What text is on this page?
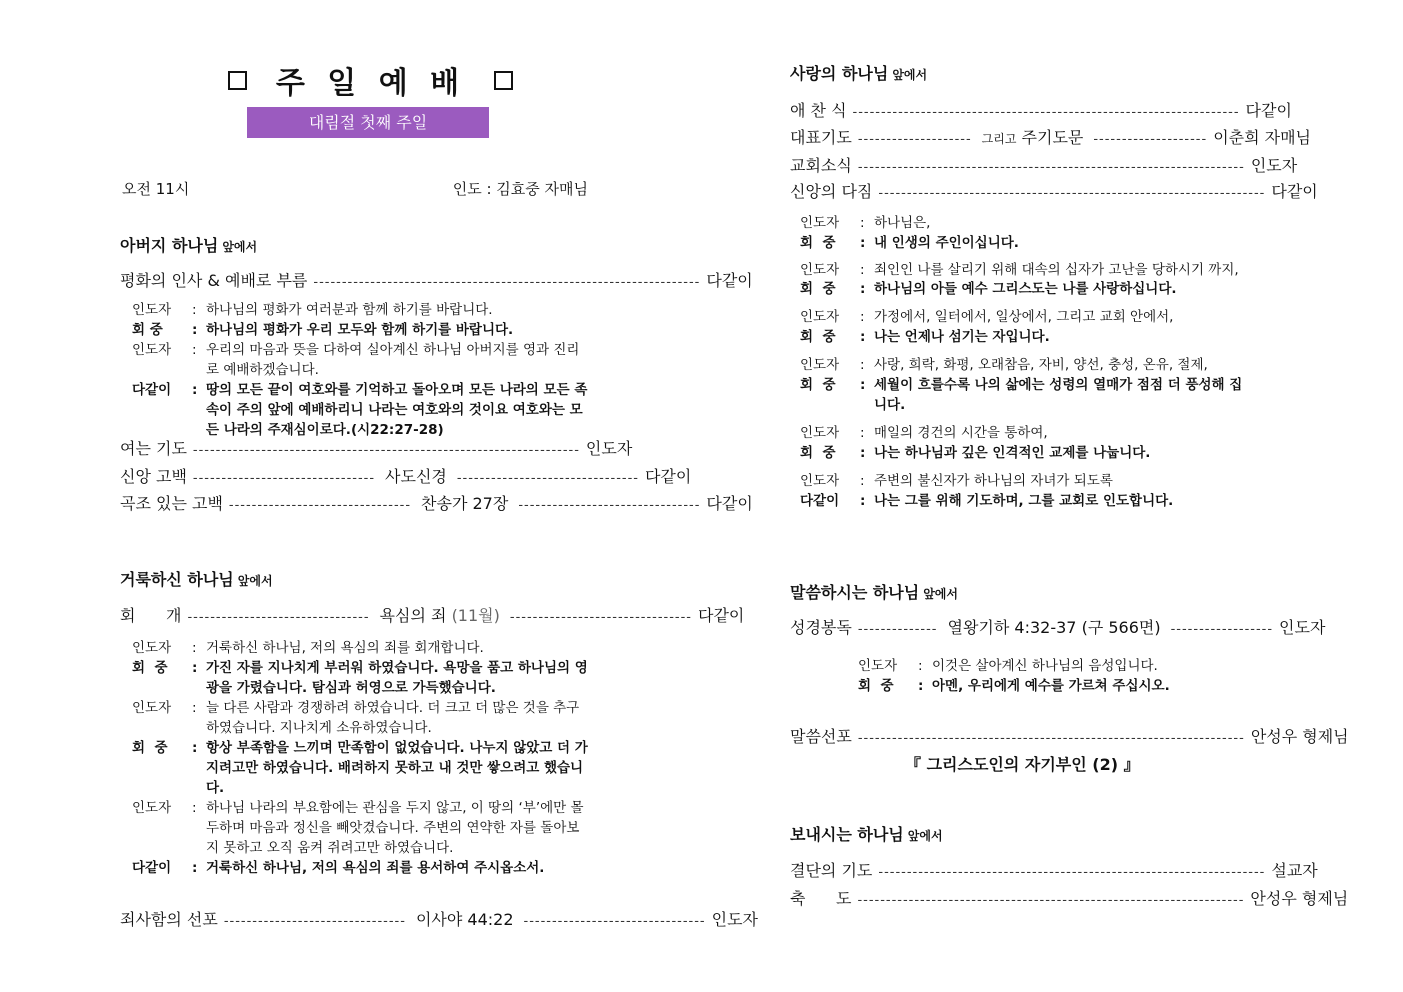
주 일 예 배
대림절 첫째 주일
오전 11시	인도 : 김효중 자매님
아버지 하나님 앞에서
평화의 인사 & 예배로 부름 -------------------------------------------------------------------- 다같이
인도자	: 하나님의 평화가 여러분과 함께 하기를 바랍니다.
회 중	: 하나님의 평화가 우리 모두와 함께 하기를 바랍니다.
인도자	: 우리의 마음과 뜻을 다하여 실아계신 하나님 아버지를 영과 진리로 예배하겠습니다.
다같이	: 땅의 모든 끝이 여호와를 기억하고 돌아오며 모든 나라의 모든 족속이 주의 앞에 예배하리니 나라는 여호와의 것이요 여호와는 모든 나라의 주재심이로다.(시22:27-28)
여는 기도 -------------------------------------------------------------------- 인도자
신앙 고백 -------------------------------- 사도신경 -------------------------------- 다같이
곡조 있는 고백 -------------------------------- 찬송가 27장 -------------------------------- 다같이
거룩하신 하나님 앞에서
회      개 -------------------------------- 욕심의 죄 (11월) -------------------------------- 다같이
인도자	: 거룩하신 하나님, 저의 욕심의 죄를 회개합니다.
회  중	: 가진 자를 지나치게 부러워 하였습니다. 욕망을 품고 하나님의 영광을 가렸습니다. 탐심과 허영으로 가득했습니다.
인도자	: 늘 다른 사람과 경쟁하려 하였습니다. 더 크고 더 많은 것을 추구하였습니다. 지나치게 소유하였습니다.
회  중	: 항상 부족함을 느끼며 만족함이 없었습니다. 나누지 않았고 더 가지려고만 하였습니다. 배려하지 못하고 내 것만 쌓으려고 했습니다.
인도자	: 하나님 나라의 부요함에는 관심을 두지 않고, 이 땅의 ‘부’에만 몰두하며 마음과 정신을 빼앗겼습니다. 주변의 연약한 자를 돌아보지 못하고 오직 움켜 쥐려고만 하였습니다.
다같이	: 거룩하신 하나님, 저의 욕심의 죄를 용서하여 주시옵소서.
죄사함의 선포 -------------------------------- 이사야 44:22 -------------------------------- 인도자
사랑의 하나님 앞에서
애 찬 식 -------------------------------------------------------------------- 다같이
대표기도 -------------------- 그리고 주기도문 -------------------- 이춘희 자매님
교회소식 -------------------------------------------------------------------- 인도자
신앙의 다짐 -------------------------------------------------------------------- 다같이
인도자	: 하나님은,
회  중	: 내 인생의 주인이십니다.
인도자	: 죄인인 나를 살리기 위해 대속의 십자가 고난을 당하시기 까지,
회  중	: 하나님의 아들 예수 그리스도는 나를 사랑하십니다.
인도자	: 가정에서, 일터에서, 일상에서, 그리고 교회 안에서,
회  중	: 나는 언제나 섬기는 자입니다.
인도자	: 사랑, 희락, 화평, 오래참음, 자비, 양선, 충성, 온유, 절제,
회  중	: 세월이 흐를수록 나의 삶에는 성령의 열매가 점점 더 풍성해 집니다.
인도자	: 매일의 경건의 시간을 통하여,
회  중	: 나는 하나님과 깊은 인격적인 교제를 나눕니다.
인도자	: 주변의 불신자가 하나님의 자녀가 되도록
다같이	: 나는 그를 위해 기도하며, 그를 교회로 인도합니다.
말씀하시는 하나님 앞에서
성경봉독 -------------- 열왕기하 4:32-37 (구 566면) ------------------ 인도자
인도자	: 이것은 살아계신 하나님의 음성입니다.
회  중	: 아멘, 우리에게 예수를 가르쳐 주십시오.
말씀선포 -------------------------------------------------------------------- 안성우 형제님
『 그리스도인의 자기부인 (2) 』
보내시는 하나님 앞에서
결단의 기도 -------------------------------------------------------------------- 설교자
축      도 -------------------------------------------------------------------- 안성우 형제님
